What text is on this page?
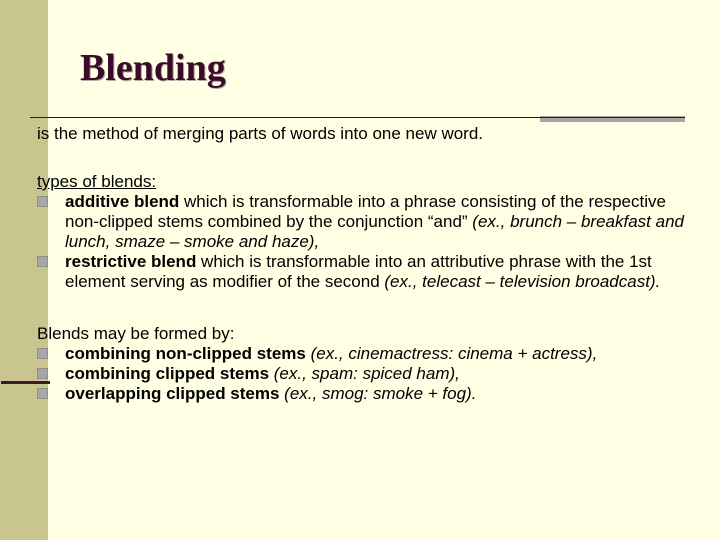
Blending

is the method of merging parts of words into one new word.

types of blends:

additive blend which is transformable into a phrase consisting of the respective non-clipped stems combined by the conjunction “and” (ex., brunch – breakfast and lunch, smaze – smoke and haze),

restrictive blend which is transformable into an attributive phrase with the 1st element serving as modifier of the second (ex., telecast – television broadcast).

Blends may be formed by:

combining non-clipped stems (ex., cinemactress: cinema + actress),

combining clipped stems (ex., spam: spiced ham),

overlapping clipped stems (ex., smog: smoke + fog).
